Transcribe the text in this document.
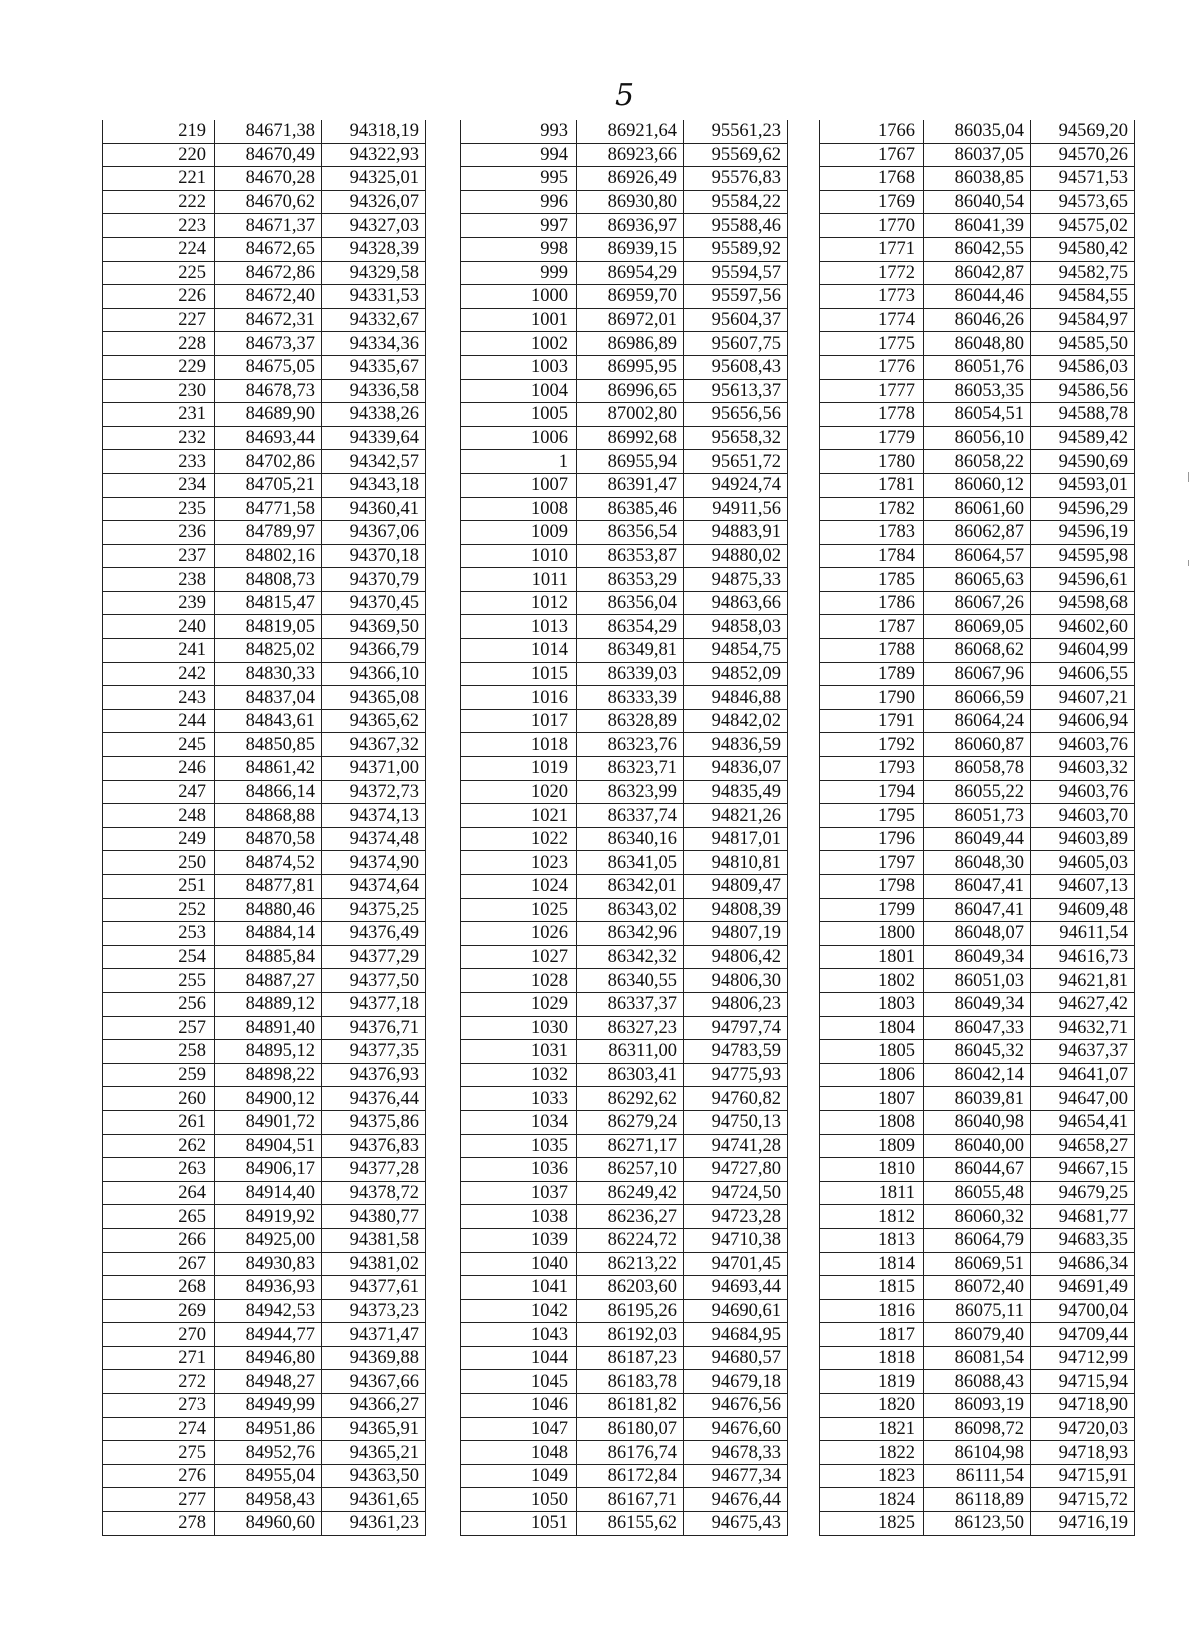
5
219	84671,38	94318,19
220	84670,49	94322,93
221	84670,28	94325,01
222	84670,62	94326,07
223	84671,37	94327,03
224	84672,65	94328,39
225	84672,86	94329,58
226	84672,40	94331,53
227	84672,31	94332,67
228	84673,37	94334,36
229	84675,05	94335,67
230	84678,73	94336,58
231	84689,90	94338,26
232	84693,44	94339,64
233	84702,86	94342,57
234	84705,21	94343,18
235	84771,58	94360,41
236	84789,97	94367,06
237	84802,16	94370,18
238	84808,73	94370,79
239	84815,47	94370,45
240	84819,05	94369,50
241	84825,02	94366,79
242	84830,33	94366,10
243	84837,04	94365,08
244	84843,61	94365,62
245	84850,85	94367,32
246	84861,42	94371,00
247	84866,14	94372,73
248	84868,88	94374,13
249	84870,58	94374,48
250	84874,52	94374,90
251	84877,81	94374,64
252	84880,46	94375,25
253	84884,14	94376,49
254	84885,84	94377,29
255	84887,27	94377,50
256	84889,12	94377,18
257	84891,40	94376,71
258	84895,12	94377,35
259	84898,22	94376,93
260	84900,12	94376,44
261	84901,72	94375,86
262	84904,51	94376,83
263	84906,17	94377,28
264	84914,40	94378,72
265	84919,92	94380,77
266	84925,00	94381,58
267	84930,83	94381,02
268	84936,93	94377,61
269	84942,53	94373,23
270	84944,77	94371,47
271	84946,80	94369,88
272	84948,27	94367,66
273	84949,99	94366,27
274	84951,86	94365,91
275	84952,76	94365,21
276	84955,04	94363,50
277	84958,43	94361,65
278	84960,60	94361,23
993	86921,64	95561,23
994	86923,66	95569,62
995	86926,49	95576,83
996	86930,80	95584,22
997	86936,97	95588,46
998	86939,15	95589,92
999	86954,29	95594,57
1000	86959,70	95597,56
1001	86972,01	95604,37
1002	86986,89	95607,75
1003	86995,95	95608,43
1004	86996,65	95613,37
1005	87002,80	95656,56
1006	86992,68	95658,32
1	86955,94	95651,72
1007	86391,47	94924,74
1008	86385,46	94911,56
1009	86356,54	94883,91
1010	86353,87	94880,02
1011	86353,29	94875,33
1012	86356,04	94863,66
1013	86354,29	94858,03
1014	86349,81	94854,75
1015	86339,03	94852,09
1016	86333,39	94846,88
1017	86328,89	94842,02
1018	86323,76	94836,59
1019	86323,71	94836,07
1020	86323,99	94835,49
1021	86337,74	94821,26
1022	86340,16	94817,01
1023	86341,05	94810,81
1024	86342,01	94809,47
1025	86343,02	94808,39
1026	86342,96	94807,19
1027	86342,32	94806,42
1028	86340,55	94806,30
1029	86337,37	94806,23
1030	86327,23	94797,74
1031	86311,00	94783,59
1032	86303,41	94775,93
1033	86292,62	94760,82
1034	86279,24	94750,13
1035	86271,17	94741,28
1036	86257,10	94727,80
1037	86249,42	94724,50
1038	86236,27	94723,28
1039	86224,72	94710,38
1040	86213,22	94701,45
1041	86203,60	94693,44
1042	86195,26	94690,61
1043	86192,03	94684,95
1044	86187,23	94680,57
1045	86183,78	94679,18
1046	86181,82	94676,56
1047	86180,07	94676,60
1048	86176,74	94678,33
1049	86172,84	94677,34
1050	86167,71	94676,44
1051	86155,62	94675,43
1766	86035,04	94569,20
1767	86037,05	94570,26
1768	86038,85	94571,53
1769	86040,54	94573,65
1770	86041,39	94575,02
1771	86042,55	94580,42
1772	86042,87	94582,75
1773	86044,46	94584,55
1774	86046,26	94584,97
1775	86048,80	94585,50
1776	86051,76	94586,03
1777	86053,35	94586,56
1778	86054,51	94588,78
1779	86056,10	94589,42
1780	86058,22	94590,69
1781	86060,12	94593,01
1782	86061,60	94596,29
1783	86062,87	94596,19
1784	86064,57	94595,98
1785	86065,63	94596,61
1786	86067,26	94598,68
1787	86069,05	94602,60
1788	86068,62	94604,99
1789	86067,96	94606,55
1790	86066,59	94607,21
1791	86064,24	94606,94
1792	86060,87	94603,76
1793	86058,78	94603,32
1794	86055,22	94603,76
1795	86051,73	94603,70
1796	86049,44	94603,89
1797	86048,30	94605,03
1798	86047,41	94607,13
1799	86047,41	94609,48
1800	86048,07	94611,54
1801	86049,34	94616,73
1802	86051,03	94621,81
1803	86049,34	94627,42
1804	86047,33	94632,71
1805	86045,32	94637,37
1806	86042,14	94641,07
1807	86039,81	94647,00
1808	86040,98	94654,41
1809	86040,00	94658,27
1810	86044,67	94667,15
1811	86055,48	94679,25
1812	86060,32	94681,77
1813	86064,79	94683,35
1814	86069,51	94686,34
1815	86072,40	94691,49
1816	86075,11	94700,04
1817	86079,40	94709,44
1818	86081,54	94712,99
1819	86088,43	94715,94
1820	86093,19	94718,90
1821	86098,72	94720,03
1822	86104,98	94718,93
1823	86111,54	94715,91
1824	86118,89	94715,72
1825	86123,50	94716,19
